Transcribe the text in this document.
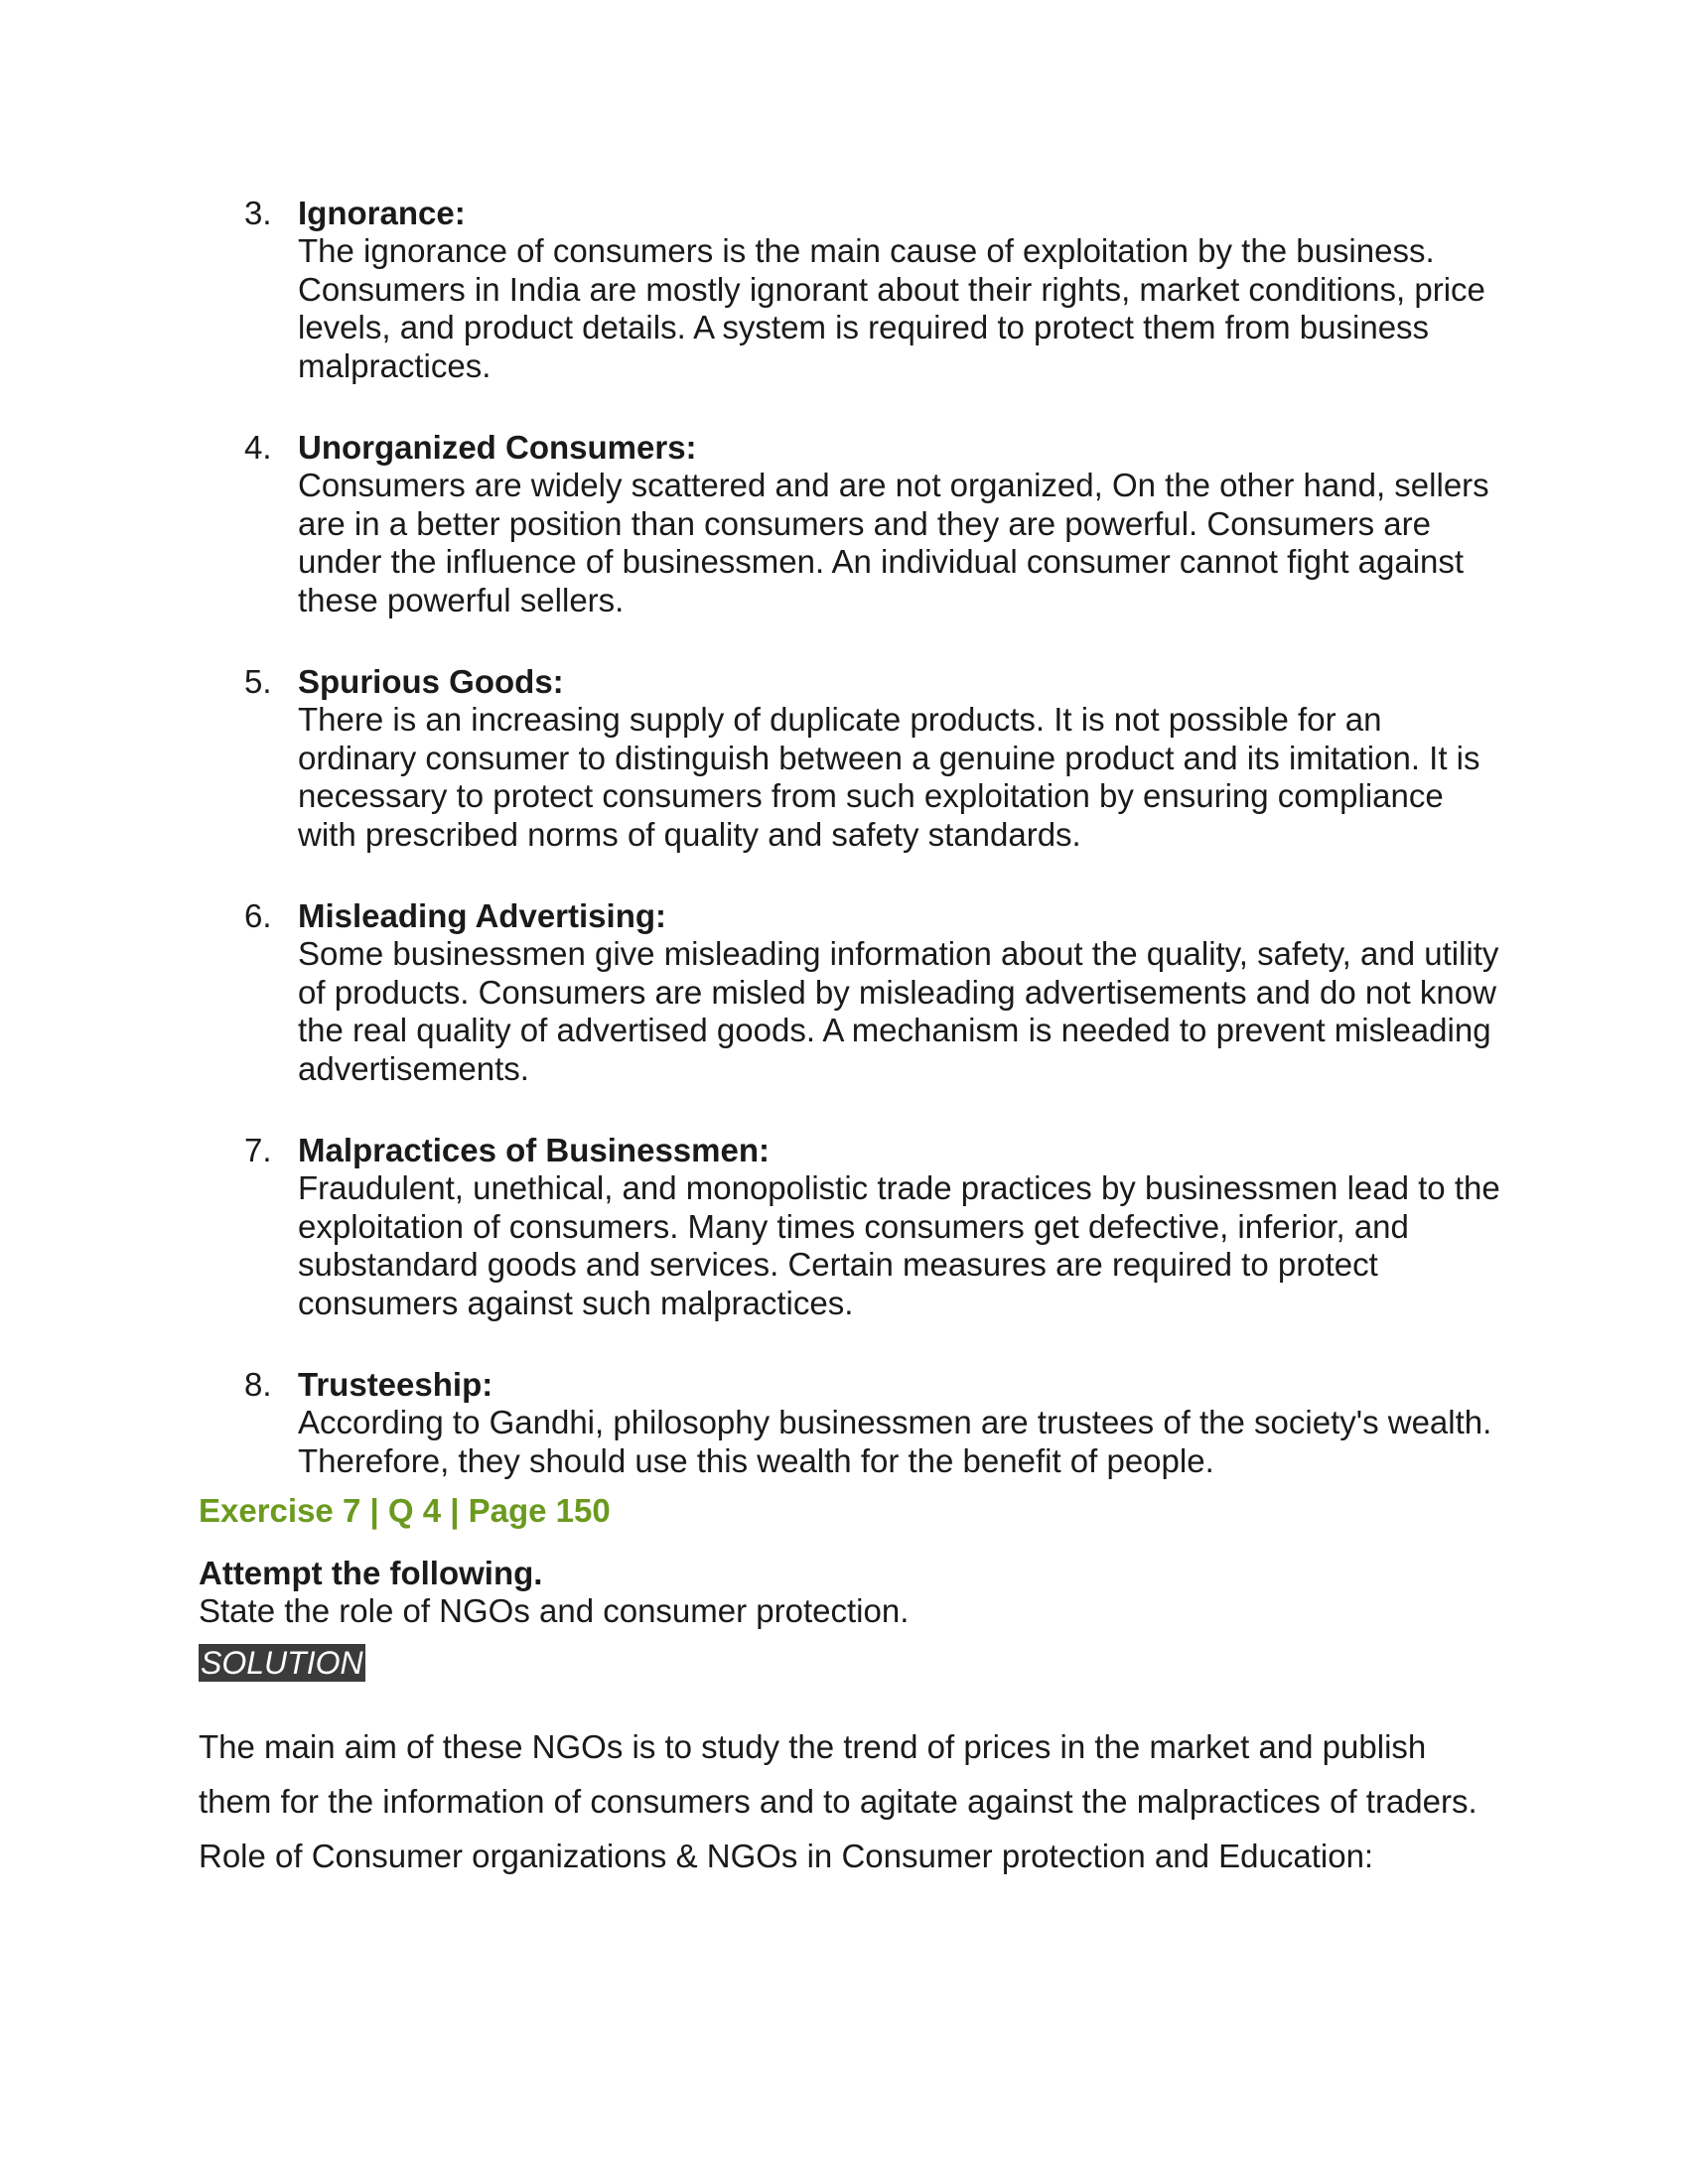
3. Ignorance:
The ignorance of consumers is the main cause of exploitation by the business. Consumers in India are mostly ignorant about their rights, market conditions, price levels, and product details. A system is required to protect them from business malpractices.
4. Unorganized Consumers:
Consumers are widely scattered and are not organized, On the other hand, sellers are in a better position than consumers and they are powerful. Consumers are under the influence of businessmen. An individual consumer cannot fight against these powerful sellers.
5. Spurious Goods:
There is an increasing supply of duplicate products. It is not possible for an ordinary consumer to distinguish between a genuine product and its imitation. It is necessary to protect consumers from such exploitation by ensuring compliance with prescribed norms of quality and safety standards.
6. Misleading Advertising:
Some businessmen give misleading information about the quality, safety, and utility of products. Consumers are misled by misleading advertisements and do not know the real quality of advertised goods. A mechanism is needed to prevent misleading advertisements.
7. Malpractices of Businessmen:
Fraudulent, unethical, and monopolistic trade practices by businessmen lead to the exploitation of consumers. Many times consumers get defective, inferior, and substandard goods and services. Certain measures are required to protect consumers against such malpractices.
8. Trusteeship:
According to Gandhi, philosophy businessmen are trustees of the society's wealth. Therefore, they should use this wealth for the benefit of people.
Exercise 7 | Q 4 | Page 150
Attempt the following.
State the role of NGOs and consumer protection.
SOLUTION
The main aim of these NGOs is to study the trend of prices in the market and publish them for the information of consumers and to agitate against the malpractices of traders. Role of Consumer organizations & NGOs in Consumer protection and Education:
